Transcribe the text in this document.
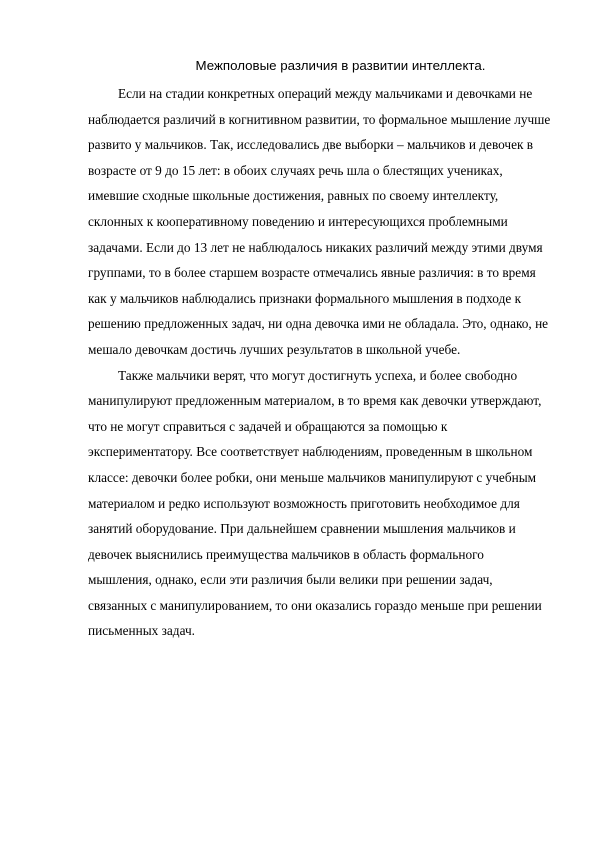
Межполовые различия в развитии интеллекта.

Если на стадии конкретных операций между мальчиками и девочками не
наблюдается различий в когнитивном развитии, то формальное мышление лучше
развито у мальчиков. Так, исследовались две выборки – мальчиков и девочек в
возрасте от 9 до 15 лет: в обоих случаях речь шла о блестящих учениках,
имевшие сходные школьные достижения, равных по своему интеллекту,
склонных к кооперативному поведению и интересующихся проблемными
задачами. Если до 13 лет не наблюдалось никаких различий между этими двумя
группами, то в более старшем возрасте отмечались явные различия: в то время
как у мальчиков наблюдались признаки формального мышления в подходе к
решению предложенных задач, ни одна девочка ими не обладала. Это, однако, не
мешало девочкам достичь лучших результатов в школьной учебе.

Также мальчики верят, что могут достигнуть успеха, и более свободно
манипулируют предложенным материалом, в то время как девочки утверждают,
что не могут справиться с задачей и обращаются за помощью к
экспериментатору. Все соответствует наблюдениям, проведенным в школьном
классе: девочки более робки, они меньше мальчиков манипулируют с учебным
материалом и редко используют возможность приготовить необходимое для
занятий оборудование. При дальнейшем сравнении мышления мальчиков и
девочек выяснились преимущества мальчиков в область формального
мышления, однако, если эти различия были велики при решении задач,
связанных с манипулированием, то они оказались гораздо меньше при решении
письменных задач.
